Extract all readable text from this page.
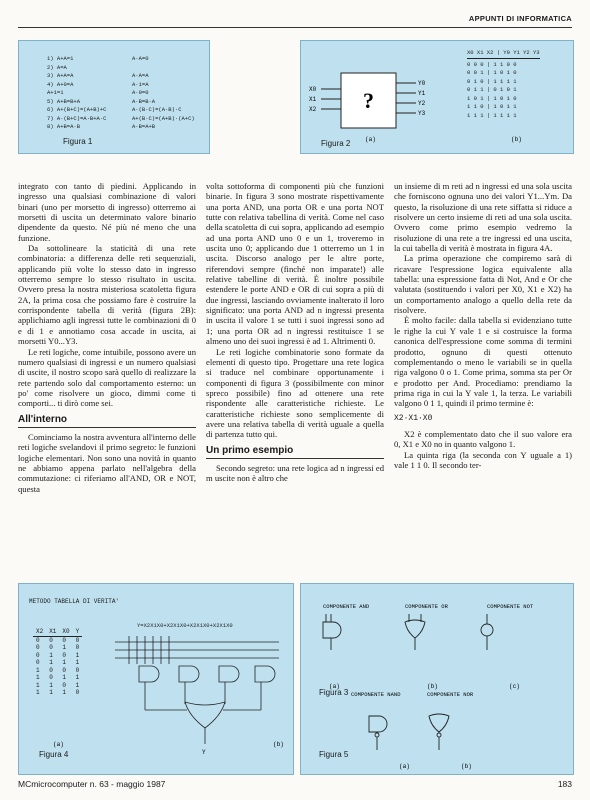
APPUNTI DI INFORMATICA
1) A+A=1	A·A=0
2) A=A
3) A+A=A	A·A=A
4) A+0=A	A·1=A
A+1=1	A·0=0
5) A+B=B+A	A·B=B·A
6) A+(B+C)=(A+B)+C	A·(B·C)=(A·B)·C
7) A·(B+C)=A·B+A·C	A+(B·C)=(A+B)·(A+C)
8) A+B=A·B	A·B=A+B
Figura 1
?
X0
X1
X2
Y0
Y1
Y2
Y3
(a)	(b)
X0 X1 X2 | Y0 Y1 Y2 Y3
0 0 0 | 1 1 0 0
0 0 1 | 1 0 1 0
0 1 0 | 1 1 1 1
0 1 1 | 0 1 0 1
1 0 1 | 1 0 1 0
1 1 0 | 1 0 1 1
1 1 1 | 1 1 1 1
Figura 2

integrato con tanto di piedini. Applicando in ingresso una qualsiasi combinazione di valori binari (uno per morsetto di ingresso) otterremo ai morsetti di uscita un determinato valore binario dipendente da questo. Né più né meno che una funzione.

Da sottolineare la staticità di una rete combinatoria: a differenza delle reti sequenziali, applicando più volte lo stesso dato in ingresso otterremo sempre lo stesso risultato in uscita. Ovvero presa la nostra misteriosa scatoletta figura 2A, la prima cosa che possiamo fare è costruire la corrispondente tabella di verità (figura 2B): applichiamo agli ingressi tutte le combinazioni di 0 e di 1 e annotiamo cosa accade in uscita, ai morsetti Y0...Y3.

Le reti logiche, come intuibile, possono avere un numero qualsiasi di ingressi e un numero qualsiasi di uscite, il nostro scopo sarà quello di realizzare la rete partendo solo dal comportamento esterno: un po' come risolvere un gioco, dimmi come ti comporti... ti dirò come sei.

All'interno

Cominciamo la nostra avventura all'interno delle reti logiche svelandovi il primo segreto: le funzioni logiche elementari. Non sono una novità in quanto ne abbiamo appena parlato nell'algebra della commutazione: ci riferiamo all'AND, OR e NOT, questa

volta sottoforma di componenti più che funzioni binarie. In figura 3 sono mostrate rispettivamente una porta AND, una porta OR e una porta NOT tutte con relativa tabellina di verità. Come nel caso della scatoletta di cui sopra, applicando ad esempio ad una porta AND uno 0 e un 1, troveremo in uscita uno 0; applicando due 1 otterremo un 1 in uscita. Discorso analogo per le altre porte, riferendovi sempre (finché non imparate!) alle relative tabelline di verità. È inoltre possibile estendere le porte AND e OR di cui sopra a più di due ingressi, lasciando ovviamente inalterato il loro significato: una porta AND ad n ingressi presenta in uscita il valore 1 se tutti i suoi ingressi sono ad 1; una porta OR ad n ingressi restituisce 1 se almeno uno dei suoi ingressi è ad 1. Altrimenti 0.

Le reti logiche combinatorie sono formate da elementi di questo tipo. Progettare una rete logica si traduce nel combinare opportunamente i componenti di figura 3 (possibilmente con minor spreco possibile) fino ad ottenere una rete rispondente alle caratteristiche richieste. Le caratteristiche richieste sono semplicemente di avere una relativa tabella di verità uguale a quella di partenza tutto qui.

Un primo esempio

Secondo segreto: una rete logica ad n ingressi ed m uscite non è altro che

un insieme di m reti ad n ingressi ed una sola uscita che forniscono ognuna uno dei valori Y1...Ym. Da questo, la risoluzione di una rete siffatta si riduce a risolvere un certo insieme di reti ad una sola uscita. Ovvero come primo esempio vedremo la risoluzione di una rete a tre ingressi ed una uscita, la cui tabella di verità è mostrata in figura 4A.

La prima operazione che compiremo sarà di ricavare l'espressione logica equivalente alla tabella: una espressione fatta di Not, And e Or che valutata (sostituendo i valori per X0, X1 e X2) ha un comportamento analogo a quello della rete da risolvere.

È molto facile: dalla tabella si evidenziano tutte le righe la cui Y vale 1 e si costruisce la forma canonica dell'espressione come somma di termini prodotto, ognuno di questi ottenuto complementando o meno le variabili se in quella riga valgono 0 o 1. Come prima, somma sta per Or e prodotto per And. Procediamo: prendiamo la prima riga in cui la Y vale 1, la terza. Le variabili valgono 0 1 1, quindi il primo termine è:

X2·X1·X0

X2 è complementato dato che il suo valore era 0, X1 e X0 no in quanto valgono 1.

La quinta riga (la seconda con Y uguale a 1) vale 1 1 0. Il secondo ter-

METODO TABELLA DI VERITA'
Y=X2X1X0+X2X1X0+X2X1X0+X2X1X0
X2	X1	X0	Y
0	0	0	0
0	0	1	0
0	1	0	1
0	1	1	1
1	0	0	0
1	0	1	1
1	1	0	1
1	1	1	0
Y
(a)	(b)
Figura 4
COMPONENTE AND	COMPONENTE OR	COMPONENTE NOT
COMPONENTE NAND	COMPONENTE NOR
(a)	(b)	(c)
(a)	(b)
Figura 3
Figura 5
MCmicrocomputer n. 63 - maggio 1987	183
